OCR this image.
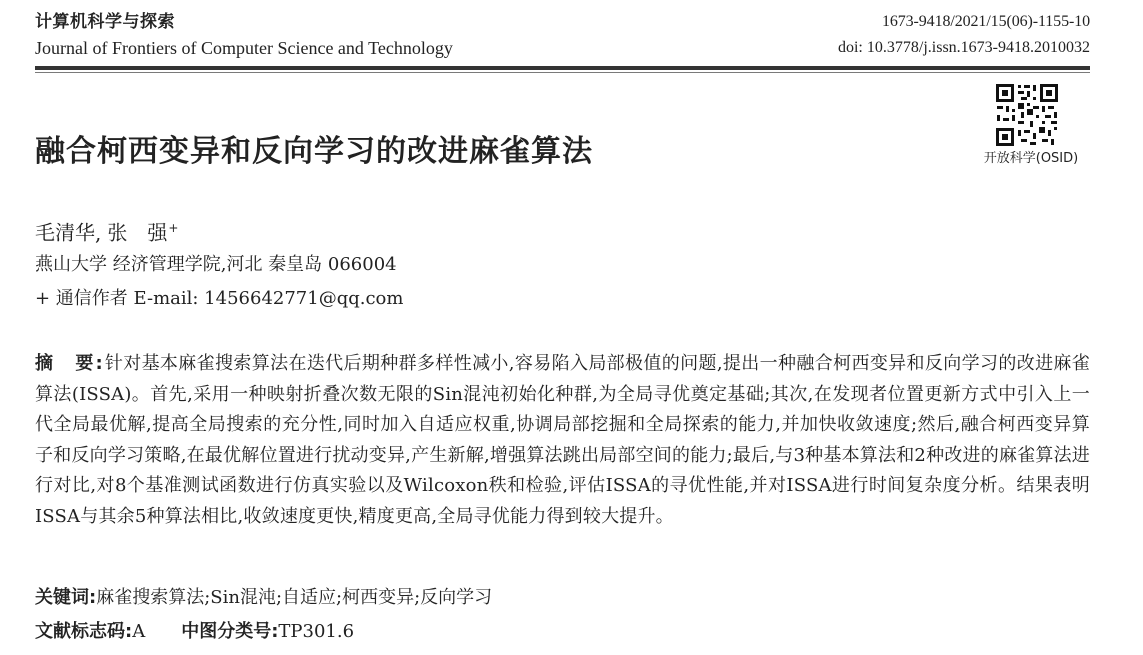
计算机科学与探索
Journal of Frontiers of Computer Science and Technology
1673-9418/2021/15(06)-1155-10
doi: 10.3778/j.issn.1673-9418.2010032
开放科学(OSID)
融合柯西变异和反向学习的改进麻雀算法
毛清华, 张　强+
燕山大学 经济管理学院,河北 秦皇岛 066004
+ 通信作者 E-mail: 1456642771@qq.com
摘　要:针对基本麻雀搜索算法在迭代后期种群多样性减小,容易陷入局部极值的问题,提出一种融合柯西变异和反向学习的改进麻雀算法(ISSA)。首先,采用一种映射折叠次数无限的Sin混沌初始化种群,为全局寻优奠定基础;其次,在发现者位置更新方式中引入上一代全局最优解,提高全局搜索的充分性,同时加入自适应权重,协调局部挖掘和全局探索的能力,并加快收敛速度;然后,融合柯西变异算子和反向学习策略,在最优解位置进行扰动变异,产生新解,增强算法跳出局部空间的能力;最后,与3种基本算法和2种改进的麻雀算法进行对比,对8个基准测试函数进行仿真实验以及Wilcoxon秩和检验,评估ISSA的寻优性能,并对ISSA进行时间复杂度分析。结果表明ISSA与其余5种算法相比,收敛速度更快,精度更高,全局寻优能力得到较大提升。
关键词:麻雀搜索算法;Sin混沌;自适应;柯西变异;反向学习
文献标志码:A 中图分类号:TP301.6
